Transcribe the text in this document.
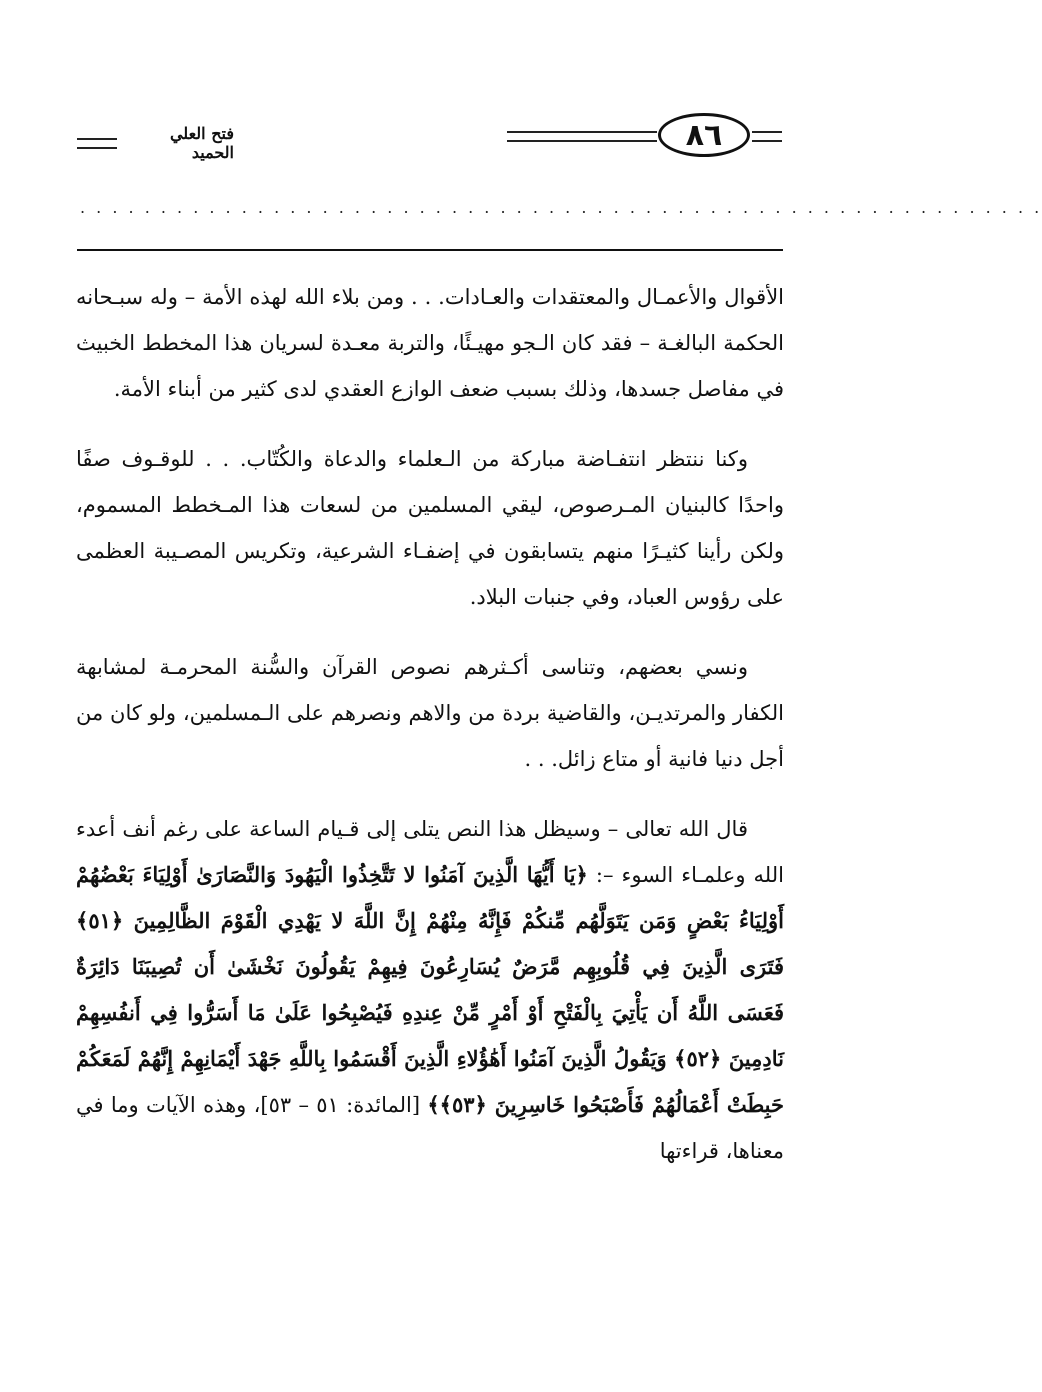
فتح العلي الحميد	٨٦
. . . . . . . . . . . . . . . . . . . . . . . . . . . . . . . . . . . . . . . . . . . . . . . . . . . . . . . . . . . .

الأقوال والأعمـال والمعتقدات والعـادات. . . ومن بلاء الله لهذه الأمة – وله سبـحانه الحكمة البالغـة – فقد كان الـجو مهيـئًا، والتربة معـدة لسريان هذا المخطط الخبيث في مفاصل جسدها، وذلك بسبب ضعف الوازع العقدي لدى كثير من أبناء الأمة.

وكنا ننتظر انتفـاضة مباركة من الـعلماء والدعاة والكُتّاب. . . للوقـوف صفًا واحدًا كالبنيان المـرصوص، ليقي المسلمين من لسعات هذا المـخطط المسموم، ولكن رأينا كثيـرًا منهم يتسابقون في إضفـاء الشرعية، وتكريس المصـيبة العظمى على رؤوس العباد، وفي جنبات البلاد.

ونسي بعضهم، وتناسى أكـثرهم نصوص القرآن والسُّنة المحرمـة لمشابهة الكفار والمرتديـن، والقاضية بردة من والاهم ونصرهم على الـمسلمين، ولو كان من أجل دنيا فانية أو متاع زائل. . .

قال الله تعالى – وسيظل هذا النص يتلى إلى قـيام الساعة على رغم أنف أعدء الله وعلمـاء السوء –: ﴿يَا أَيُّهَا الَّذِينَ آمَنُوا لا تَتَّخِذُوا الْيَهُودَ وَالنَّصَارَىٰ أَوْلِيَاءَ بَعْضُهُمْ أَوْلِيَاءُ بَعْضٍ وَمَن يَتَوَلَّهُم مِّنكُمْ فَإِنَّهُ مِنْهُمْ إِنَّ اللَّهَ لا يَهْدِي الْقَوْمَ الظَّالِمِينَ ﴿٥١﴾ فَتَرَى الَّذِينَ فِي قُلُوبِهِم مَّرَضٌ يُسَارِعُونَ فِيهِمْ يَقُولُونَ نَخْشَىٰ أَن تُصِيبَنَا دَائِرَةٌ فَعَسَى اللَّهُ أَن يَأْتِيَ بِالْفَتْحِ أَوْ أَمْرٍ مِّنْ عِندِهِ فَيُصْبِحُوا عَلَىٰ مَا أَسَرُّوا فِي أَنفُسِهِمْ نَادِمِينَ ﴿٥٢﴾ وَيَقُولُ الَّذِينَ آمَنُوا أَهَٰؤُلاءِ الَّذِينَ أَقْسَمُوا بِاللَّهِ جَهْدَ أَيْمَانِهِمْ إِنَّهُمْ لَمَعَكُمْ حَبِطَتْ أَعْمَالُهُمْ فَأَصْبَحُوا خَاسِرِينَ ﴿٥٣﴾﴾ [المائدة: ٥١ – ٥٣]، وهذه الآيات وما في معناها، قراءتها
